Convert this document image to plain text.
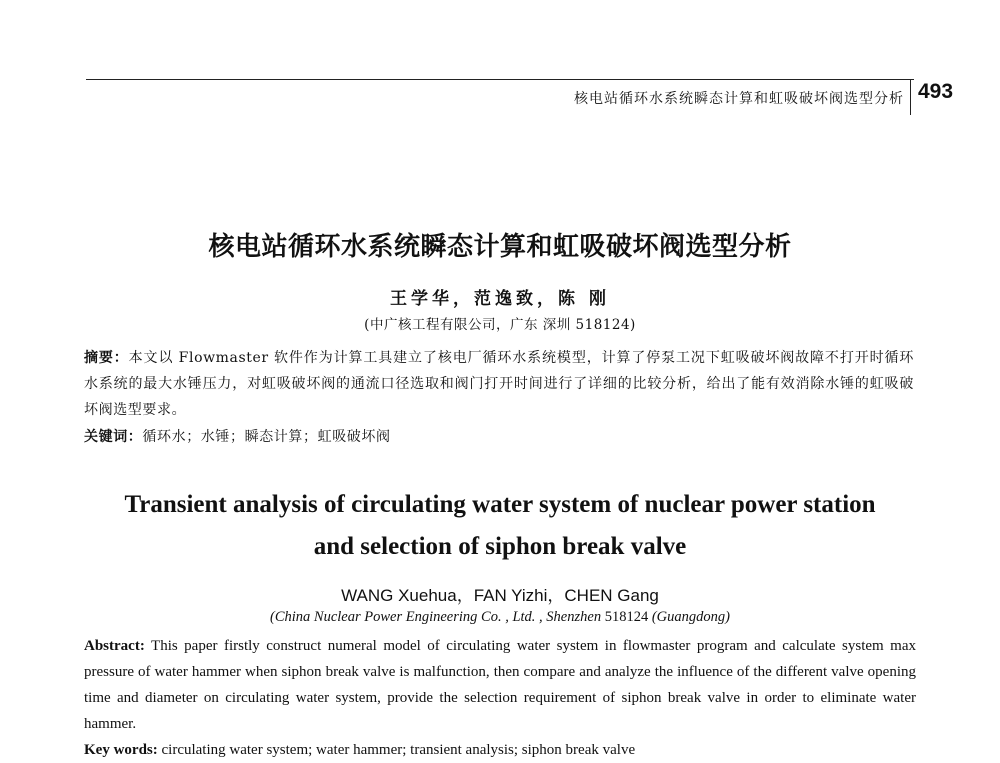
核电站循环水系统瞬态计算和虹吸破坏阀选型分析 493
核电站循环水系统瞬态计算和虹吸破坏阀选型分析
王学华，范逸致，陈 刚
(中广核工程有限公司，广东 深圳 518124)
摘要：本文以 Flowmaster 软件作为计算工具建立了核电厂循环水系统模型，计算了停泵工况下虹吸破坏阀故障不打开时循环水系统的最大水锤压力，对虹吸破坏阀的通流口径选取和阀门打开时间进行了详细的比较分析，给出了能有效消除水锤的虹吸破坏阀选型要求。
关键词：循环水；水锤；瞬态计算；虹吸破坏阀
Transient analysis of circulating water system of nuclear power station
and selection of siphon break valve
WANG Xuehua，FAN Yizhi，CHEN Gang
(China Nuclear Power Engineering Co. , Ltd. , Shenzhen 518124 (Guangdong)
Abstract: This paper firstly construct numeral model of circulating water system in flowmaster program and calculate system max pressure of water hammer when siphon break valve is malfunction, then compare and analyze the influence of the different valve opening time and diameter on circulating water system, provide the selection requirement of siphon break valve in order to eliminate water hammer.
Key words: circulating water system; water hammer; transient analysis; siphon break valve
